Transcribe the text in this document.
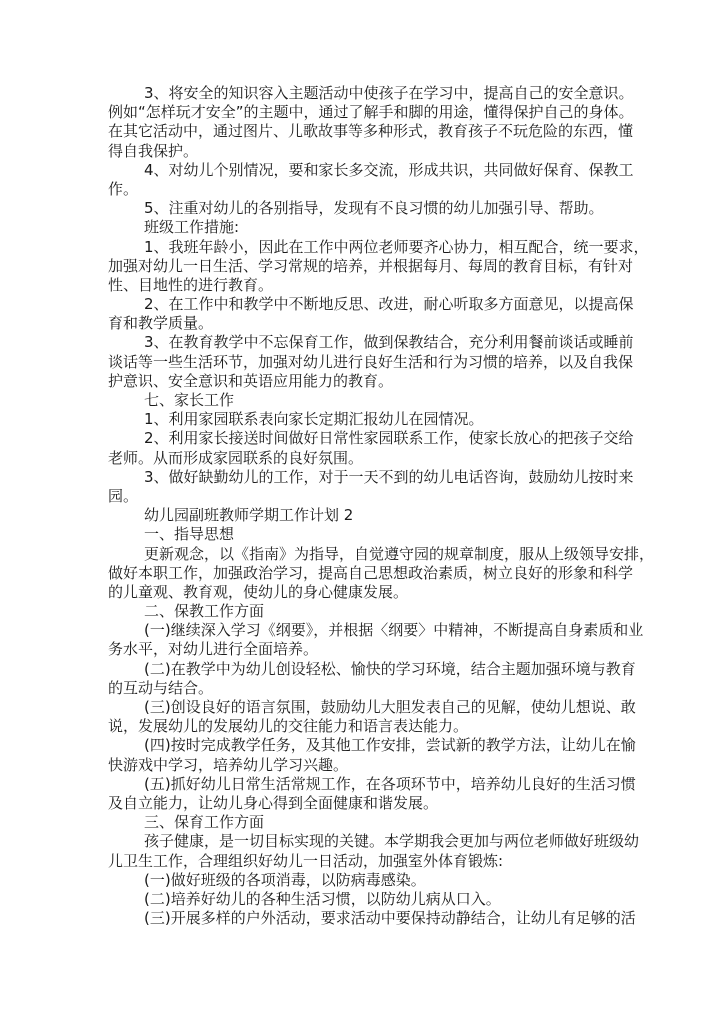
3、将安全的知识容入主题活动中使孩子在学习中，提高自己的安全意识。
例如“怎样玩才安全”的主题中，通过了解手和脚的用途，懂得保护自己的身体。
在其它活动中，通过图片、儿歌故事等多种形式，教育孩子不玩危险的东西，懂
得自我保护。
4、对幼儿个别情况，要和家长多交流，形成共识，共同做好保育、保教工
作。
5、注重对幼儿的各别指导，发现有不良习惯的幼儿加强引导、帮助。
班级工作措施:
1、我班年龄小，因此在工作中两位老师要齐心协力，相互配合，统一要求，
加强对幼儿一日生活、学习常规的培养，并根据每月、每周的教育目标，有针对
性、目地性的进行教育。
2、在工作中和教学中不断地反思、改进，耐心听取多方面意见，以提高保
育和教学质量。
3、在教育教学中不忘保育工作，做到保教结合，充分利用餐前谈话或睡前
谈话等一些生活环节，加强对幼儿进行良好生活和行为习惯的培养，以及自我保
护意识、安全意识和英语应用能力的教育。
七、家长工作
1、利用家园联系表向家长定期汇报幼儿在园情况。
2、利用家长接送时间做好日常性家园联系工作，使家长放心的把孩子交给
老师。从而形成家园联系的良好氛围。
3、做好缺勤幼儿的工作，对于一天不到的幼儿电话咨询，鼓励幼儿按时来
园。
幼儿园副班教师学期工作计划 2
一、指导思想
更新观念，以《指南》为指导，自觉遵守园的规章制度，服从上级领导安排，
做好本职工作，加强政治学习，提高自己思想政治素质，树立良好的形象和科学
的儿童观、教育观，使幼儿的身心健康发展。
二、保教工作方面
(一)继续深入学习《纲要》，并根据〈纲要〉中精神，不断提高自身素质和业
务水平，对幼儿进行全面培养。
(二)在教学中为幼儿创设轻松、愉快的学习环境，结合主题加强环境与教育
的互动与结合。
(三)创设良好的语言氛围，鼓励幼儿大胆发表自己的见解，使幼儿想说、敢
说，发展幼儿的发展幼儿的交往能力和语言表达能力。
(四)按时完成教学任务，及其他工作安排，尝试新的教学方法，让幼儿在愉
快游戏中学习，培养幼儿学习兴趣。
(五)抓好幼儿日常生活常规工作，在各项环节中，培养幼儿良好的生活习惯
及自立能力，让幼儿身心得到全面健康和谐发展。
三、保育工作方面
孩子健康，是一切目标实现的关键。本学期我会更加与两位老师做好班级幼
儿卫生工作，合理组织好幼儿一日活动，加强室外体育锻炼:
(一)做好班级的各项消毒，以防病毒感染。
(二)培养好幼儿的各种生活习惯，以防幼儿病从口入。
(三)开展多样的户外活动，要求活动中要保持动静结合，让幼儿有足够的活
